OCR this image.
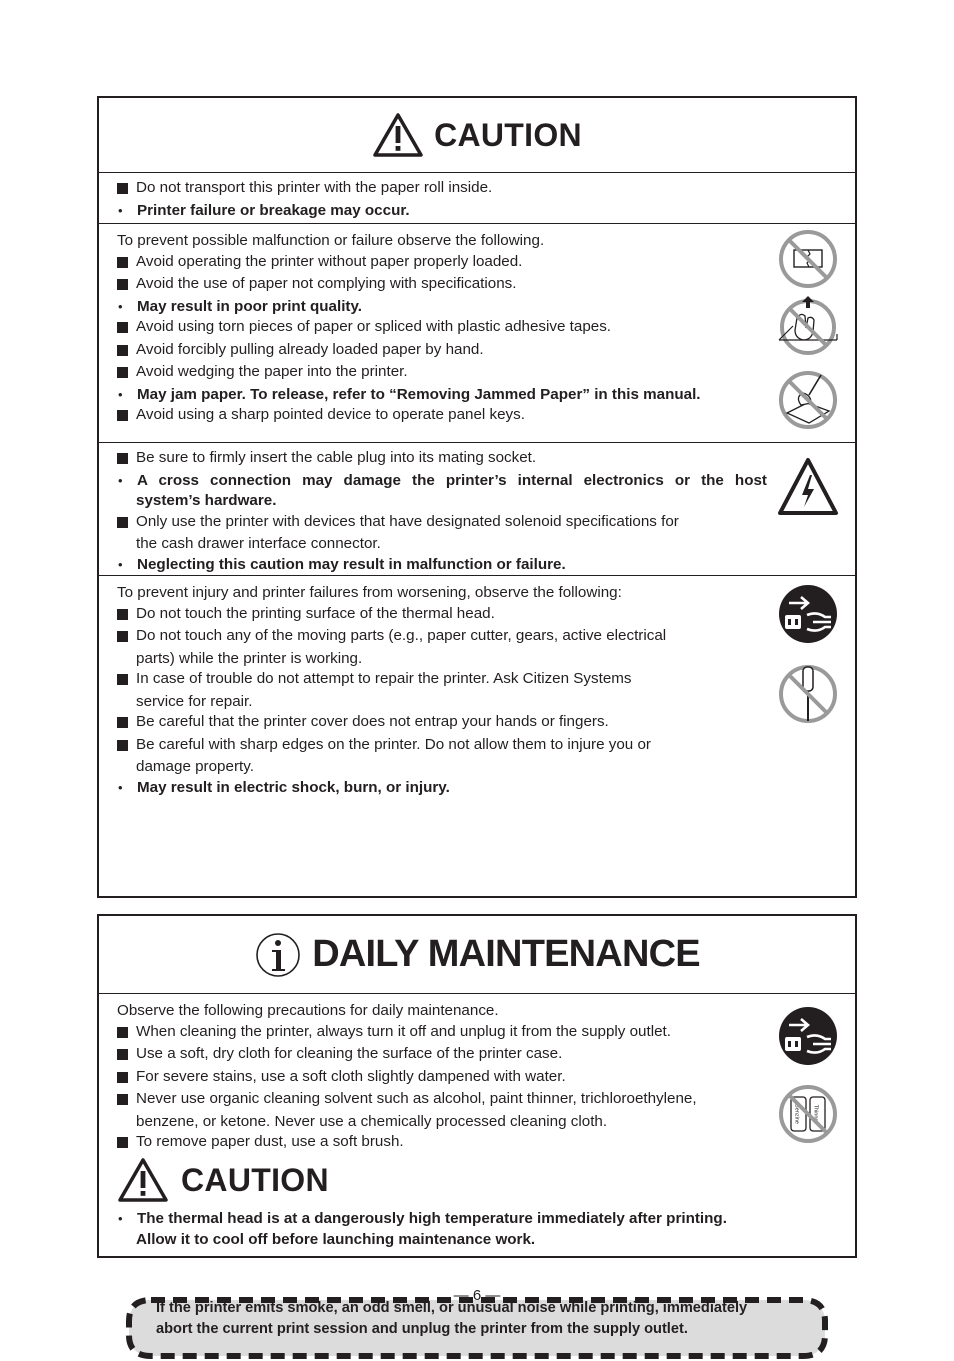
CAUTION
Do not transport this printer with the paper roll inside.
• Printer failure or breakage may occur.
To prevent possible malfunction or failure observe the following.
Avoid operating the printer without paper properly loaded.
Avoid the use of paper not complying with specifications.
• May result in poor print quality.
Avoid using torn pieces of paper or spliced with plastic adhesive tapes.
Avoid forcibly pulling already loaded paper by hand.
Avoid wedging the paper into the printer.
• May jam paper. To release, refer to “Removing Jammed Paper” in this manual.
Avoid using a sharp pointed device to operate panel keys.
Be sure to firmly insert the cable plug into its mating socket.
• A cross connection may damage the printer’s internal electronics or the host
system’s hardware.
Only use the printer with devices that have designated solenoid specifications for
the cash drawer interface connector.
• Neglecting this caution may result in malfunction or failure.
To prevent injury and printer failures from worsening, observe the following:
Do not touch the printing surface of the thermal head.
Do not touch any of the moving parts (e.g., paper cutter, gears, active electrical
parts) while the printer is working.
In case of trouble do not attempt to repair the printer. Ask Citizen Systems
service for repair.
Be careful that the printer cover does not entrap your hands or fingers.
Be careful with sharp edges on the printer. Do not allow them to injure you or
damage property.
• May result in electric shock, burn, or injury.
If the printer emits smoke, an odd smell, or unusual noise while printing, immediately
abort the current print session and unplug the printer from the supply outlet.
DAILY MAINTENANCE
Observe the following precautions for daily maintenance.
When cleaning the printer, always turn it off and unplug it from the supply outlet.
Use a soft, dry cloth for cleaning the surface of the printer case.
For severe stains, use a soft cloth slightly dampened with water.
Never use organic cleaning solvent such as alcohol, paint thinner, trichloroethylene,
benzene, or ketone. Never use a chemically processed cleaning cloth.
To remove paper dust, use a soft brush.
Benzine Thinner
CAUTION
• The thermal head is at a dangerously high temperature immediately after printing.
Allow it to cool off before launching maintenance work.
— 6 —
